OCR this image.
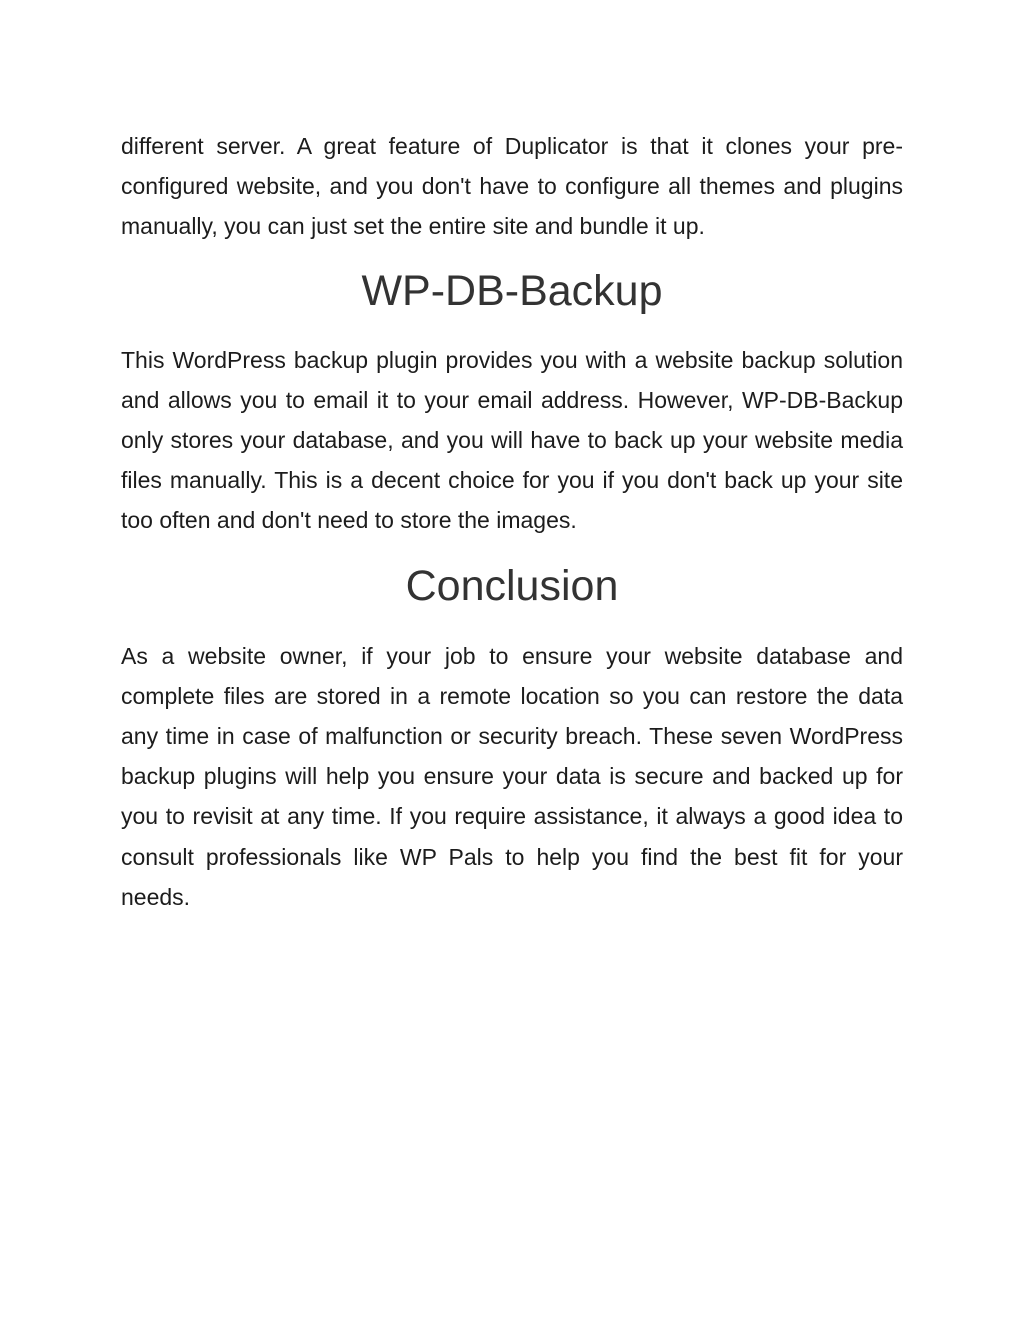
different server. A great feature of Duplicator is that it clones your pre-configured website, and you don't have to configure all themes and plugins manually, you can just set the entire site and bundle it up.

WP-DB-Backup

This WordPress backup plugin provides you with a website backup solution and allows you to email it to your email address. However, WP-DB-Backup only stores your database, and you will have to back up your website media files manually. This is a decent choice for you if you don't back up your site too often and don't need to store the images.

Conclusion

As a website owner, if your job to ensure your website database and complete files are stored in a remote location so you can restore the data any time in case of malfunction or security breach. These seven WordPress backup plugins will help you ensure your data is secure and backed up for you to revisit at any time. If you require assistance, it always a good idea to consult professionals like WP Pals to help you find the best fit for your needs.
